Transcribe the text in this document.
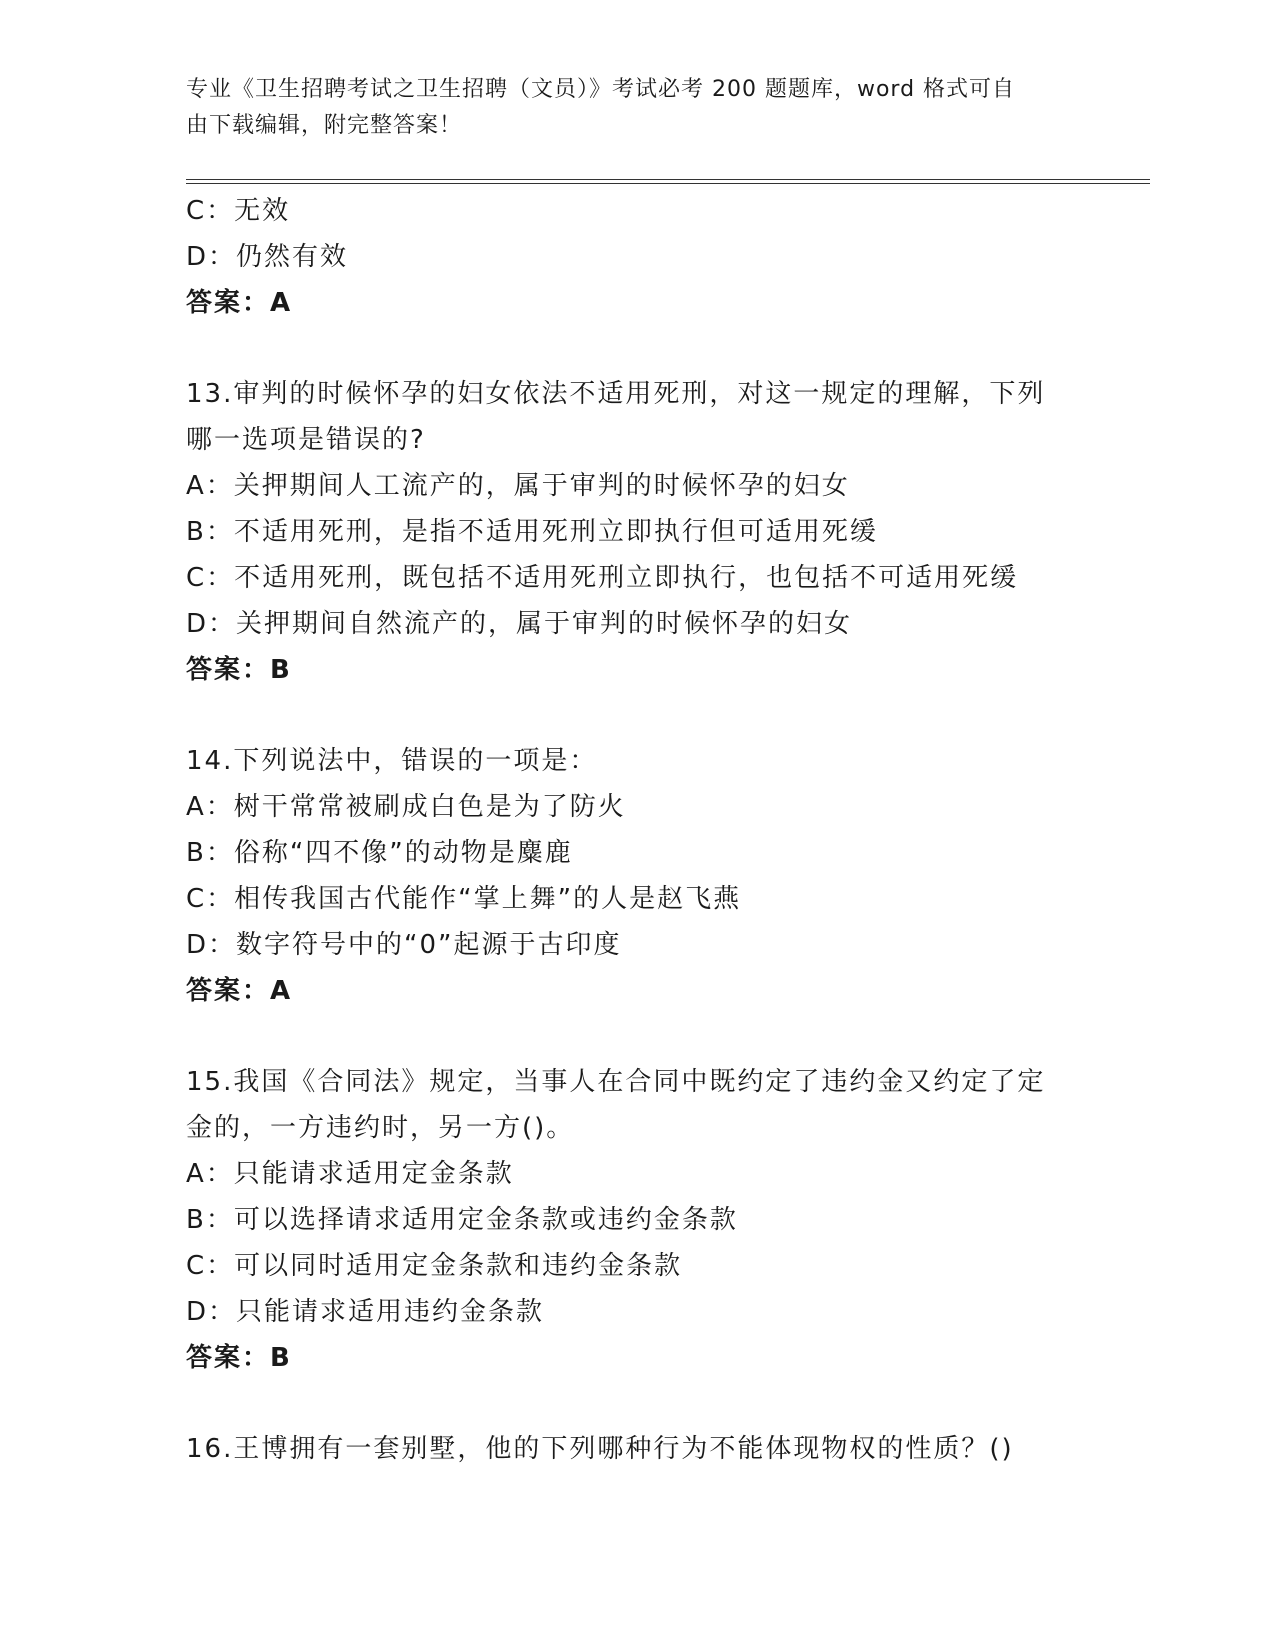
专业《卫生招聘考试之卫生招聘（文员）》考试必考 200 题题库，word 格式可自
由下载编辑，附完整答案！
C：无效
D：仍然有效
答案：A
13.审判的时候怀孕的妇女依法不适用死刑，对这一规定的理解，下列
哪一选项是错误的?
A：关押期间人工流产的，属于审判的时候怀孕的妇女
B：不适用死刑，是指不适用死刑立即执行但可适用死缓
C：不适用死刑，既包括不适用死刑立即执行，也包括不可适用死缓
D：关押期间自然流产的，属于审判的时候怀孕的妇女
答案：B
14.下列说法中，错误的一项是：
A：树干常常被刷成白色是为了防火
B：俗称“四不像”的动物是麋鹿
C：相传我国古代能作“掌上舞”的人是赵飞燕
D：数字符号中的“0”起源于古印度
答案：A
15.我国《合同法》规定，当事人在合同中既约定了违约金又约定了定
金的，一方违约时，另一方()。
A：只能请求适用定金条款
B：可以选择请求适用定金条款或违约金条款
C：可以同时适用定金条款和违约金条款
D：只能请求适用违约金条款
答案：B
16.王博拥有一套别墅，他的下列哪种行为不能体现物权的性质？()
